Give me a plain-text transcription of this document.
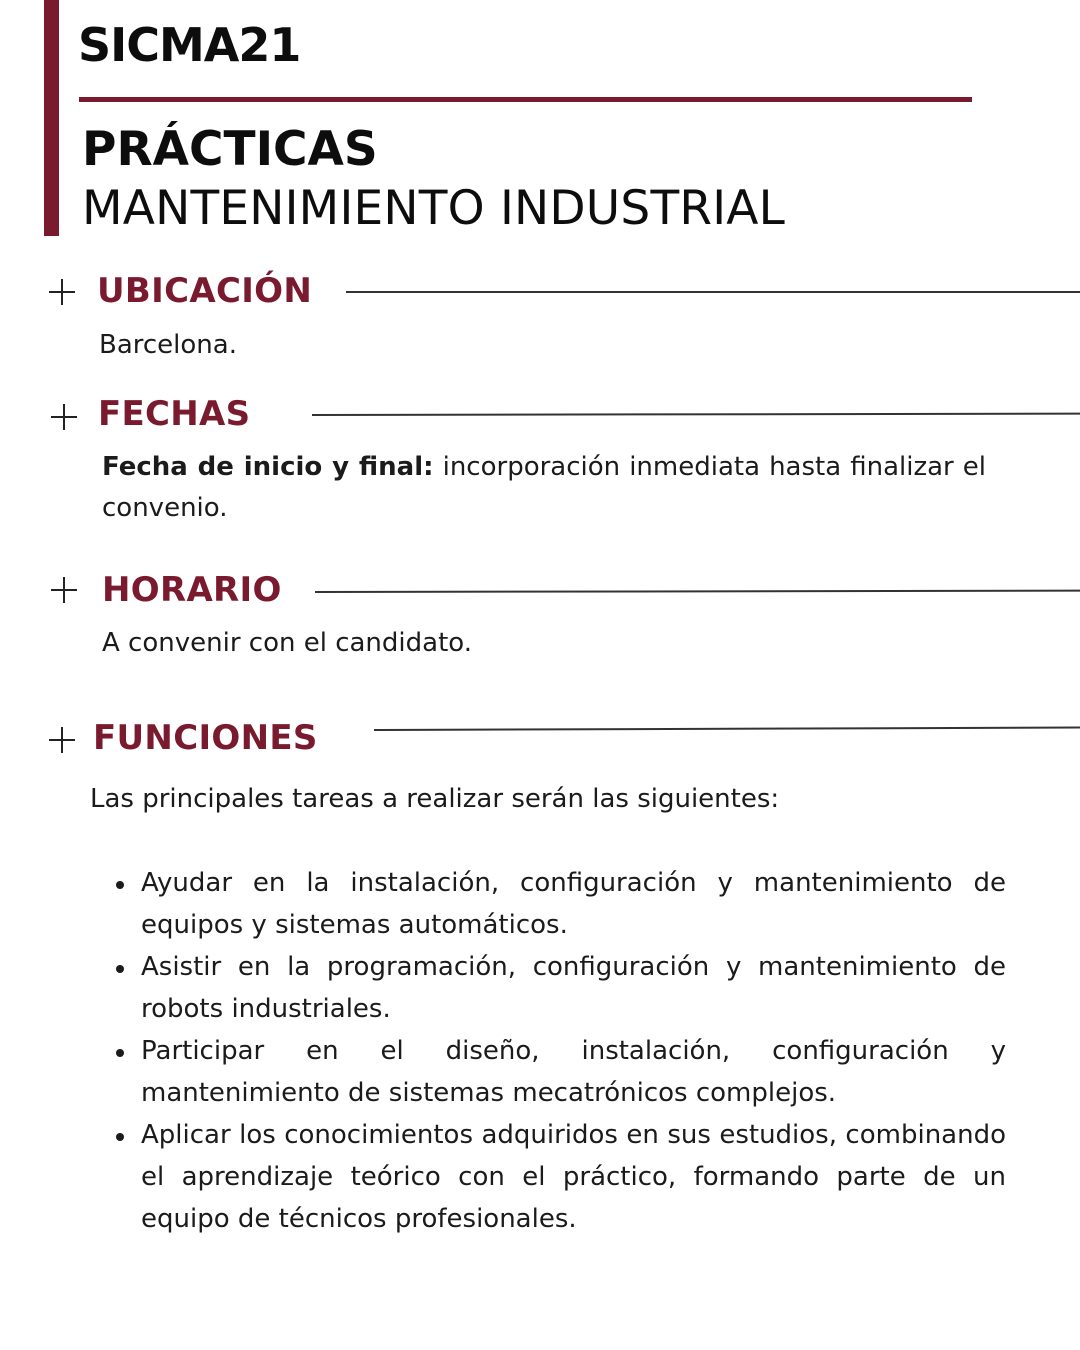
SICMA21
PRÁCTICAS
MANTENIMIENTO INDUSTRIAL
UBICACIÓN
Barcelona.
FECHAS
Fecha de inicio y final: incorporación inmediata hasta finalizar el convenio.
HORARIO
A convenir con el candidato.
FUNCIONES
Las principales tareas a realizar serán las siguientes:
Ayudar en la instalación, configuración y mantenimiento de equipos y sistemas automáticos.
Asistir en la programación, configuración y mantenimiento de robots industriales.
Participar en el diseño, instalación, configuración y mantenimiento de sistemas mecatrónicos complejos.
Aplicar los conocimientos adquiridos en sus estudios, combinando el aprendizaje teórico con el práctico, formando parte de un equipo de técnicos profesionales.
